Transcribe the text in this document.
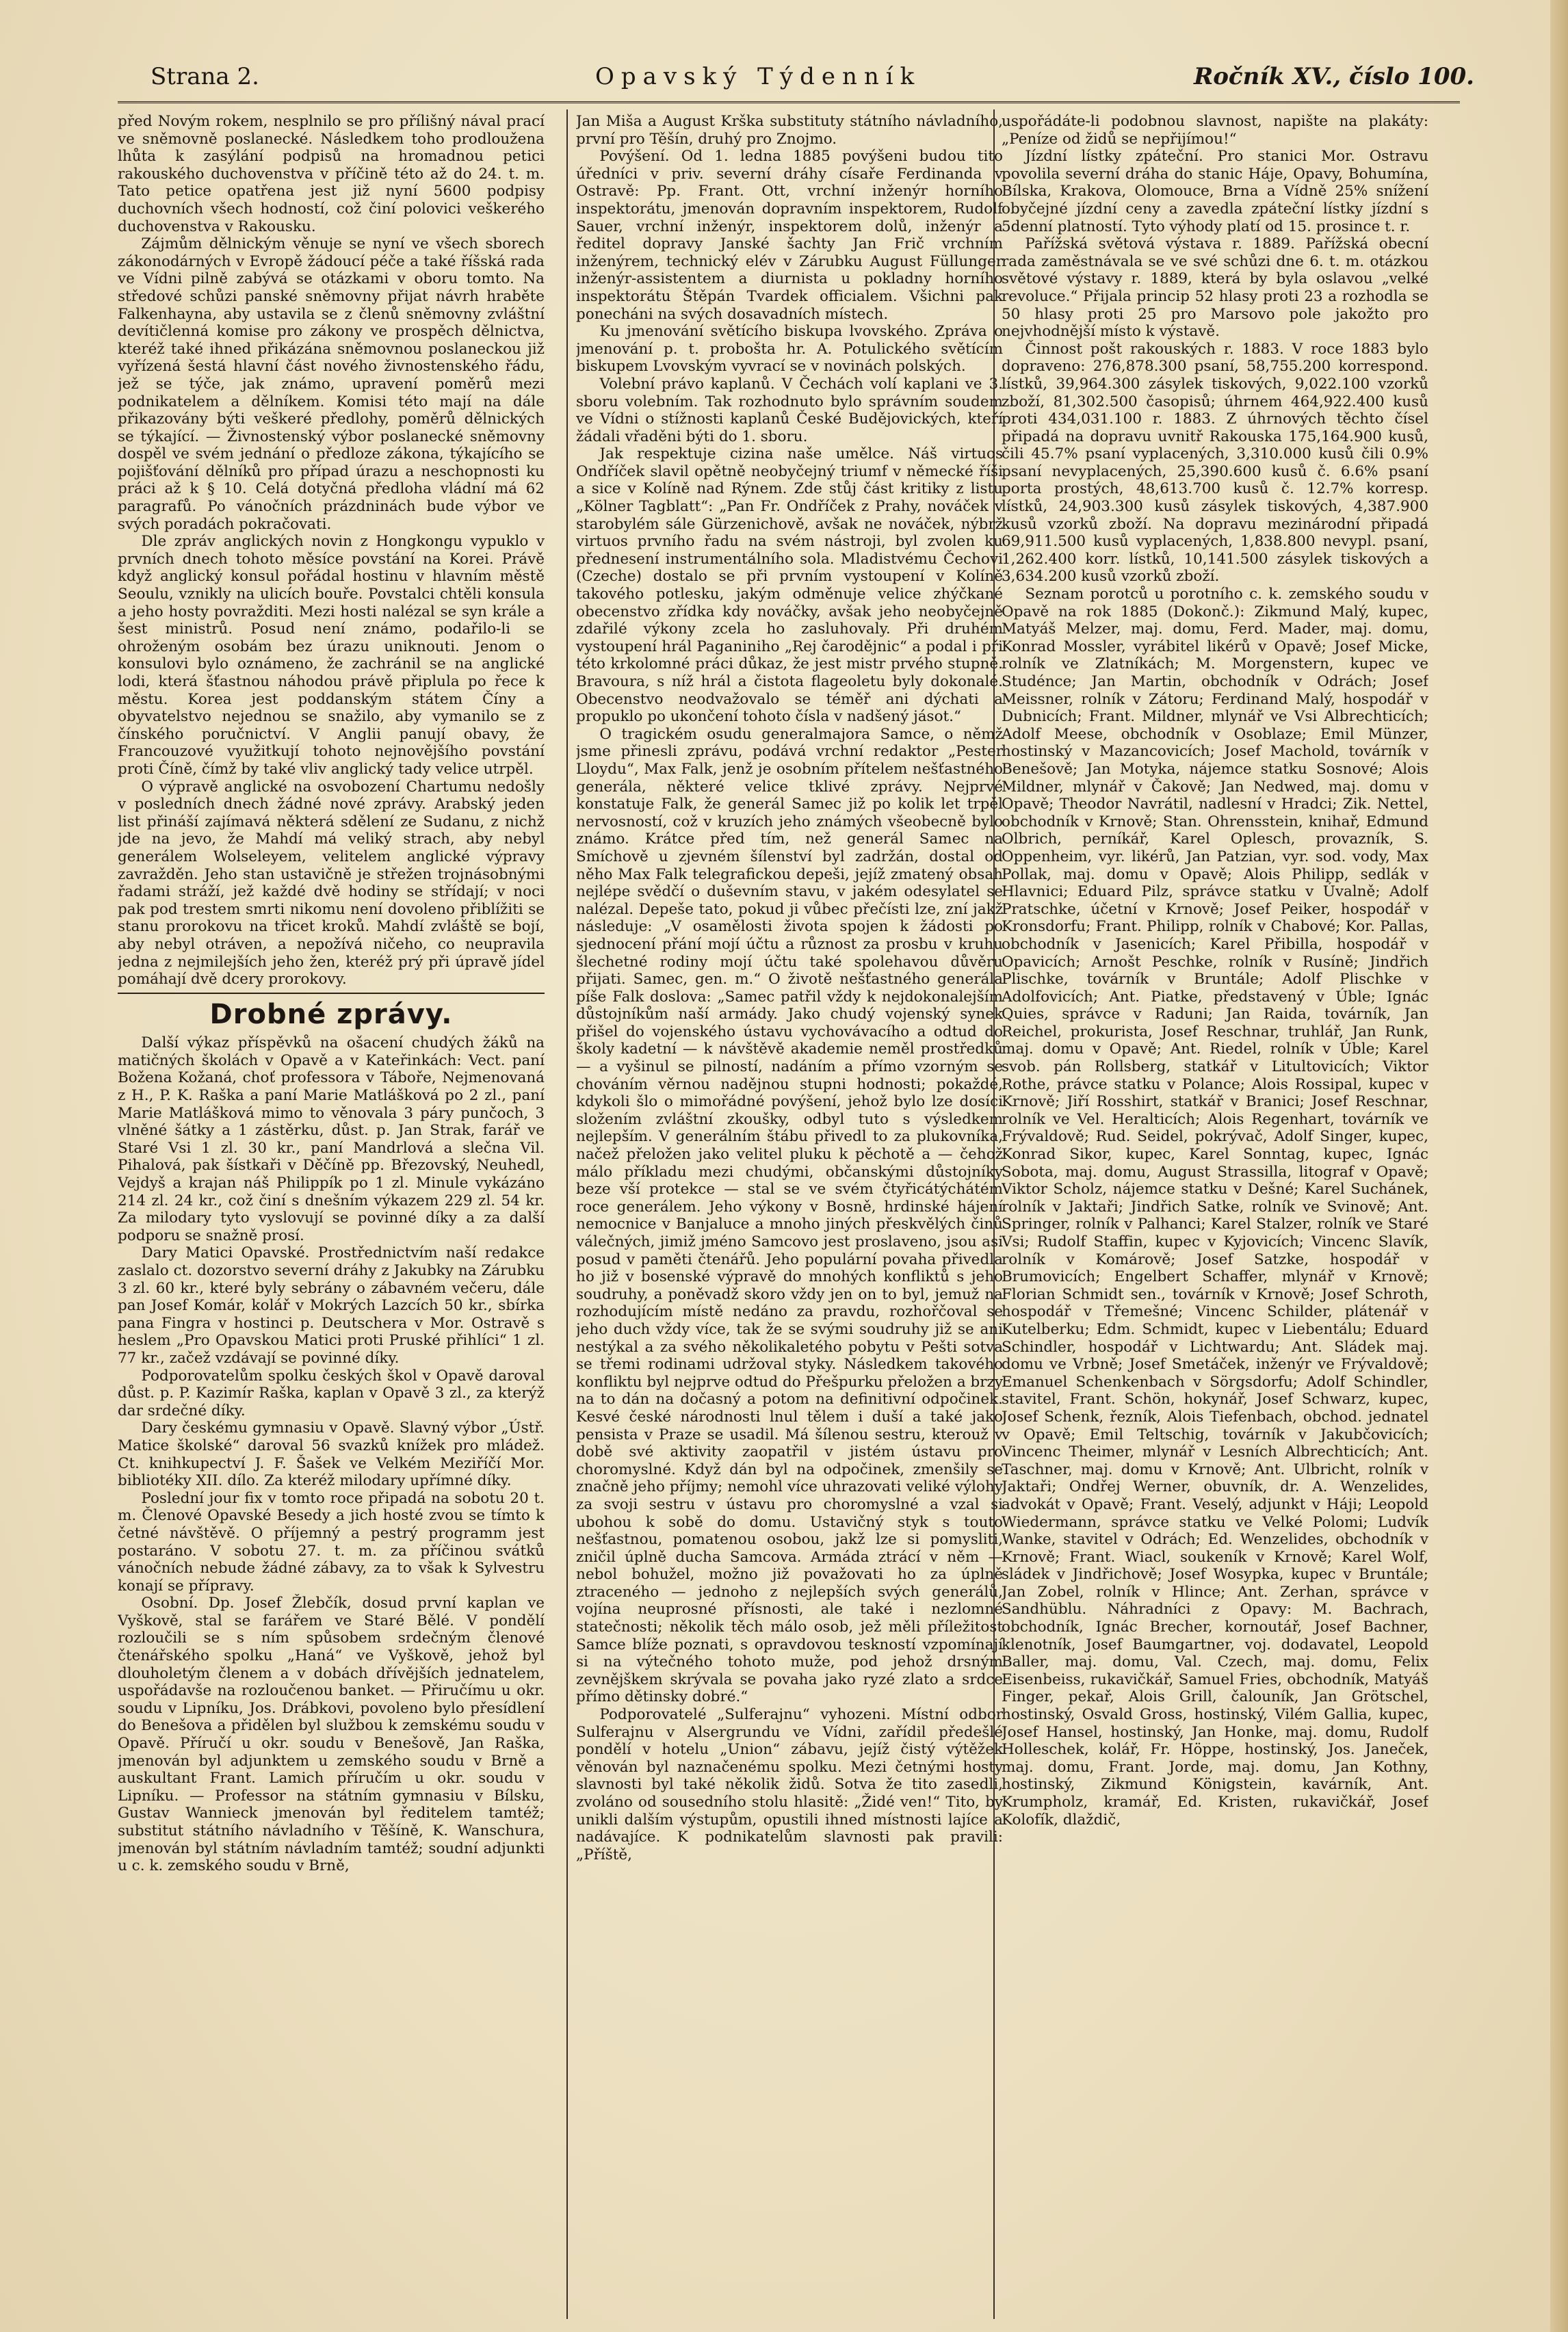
Strana 2.	Opavský Týdenník	Ročník XV., číslo 100.

před Novým rokem, nesplnilo se pro přílišný nával prací ve sněmovně poslanecké. Následkem toho prodloužena lhůta k zasýlání podpisů na hromadnou petici rakouského duchovenstva v příčině této až do 24. t. m. Tato petice opatřena jest již nyní 5600 podpisy duchovních všech hodností, což činí polovici veškerého duchovenstva v Rakousku.

Zájmům dělnickým věnuje se nyní ve všech sborech zákonodárných v Evropě žádoucí péče a také říšská rada ve Vídni pilně zabývá se otázkami v oboru tomto. Na středové schůzi panské sněmovny přijat návrh hraběte Falkenhayna, aby ustavila se z členů sněmovny zvláštní devítičlenná komise pro zákony ve prospěch dělnictva, kteréž také ihned přikázána sněmovnou poslaneckou již vyřízená šestá hlavní část nového živnostenského řádu, jež se týče, jak známo, upravení poměrů mezi podnikatelem a dělníkem. Komisi této mají na dále přikazovány býti veškeré předlohy, poměrů dělnických se týkající. — Živnostenský výbor poslanecké sněmovny dospěl ve svém jednání o předloze zákona, týkajícího se pojišťování dělníků pro případ úrazu a neschopnosti ku práci až k § 10. Celá dotyčná předloha vládní má 62 paragrafů. Po vánočních prázdninách bude výbor ve svých poradách pokračovati.

Dle zpráv anglických novin z Hongkongu vypuklo v prvních dnech tohoto měsíce povstání na Korei. Právě když anglický konsul pořádal hostinu v hlavním městě Seoulu, vznikly na ulicích bouře. Povstalci chtěli konsula a jeho hosty povražditi. Mezi hosti nalézal se syn krále a šest ministrů. Posud není známo, podařilo-li se ohroženým osobám bez úrazu uniknouti. Jenom o konsulovi bylo oznámeno, že zachránil se na anglické lodi, která šťastnou náhodou právě připlula po řece k městu. Korea jest poddanským státem Číny a obyvatelstvo nejednou se snažilo, aby vymanilo se z čínského poručnictví. V Anglii panují obavy, že Francouzové využitkují tohoto nejnovějšího povstání proti Číně, čímž by také vliv anglický tady velice utrpěl.

O výpravě anglické na osvobození Chartumu nedošly v posledních dnech žádné nové zprávy. Arabský jeden list přináší zajímavá některá sdělení ze Sudanu, z nichž jde na jevo, že Mahdí má veliký strach, aby nebyl generálem Wolseleyem, velitelem anglické výpravy zavražděn. Jeho stan ustavičně je střežen trojnásobnými řadami stráží, jež každé dvě hodiny se střídají; v noci pak pod trestem smrti nikomu není dovoleno přiblížiti se stanu prorokovu na třicet kroků. Mahdí zvláště se bojí, aby nebyl otráven, a nepožívá ničeho, co neupravila jedna z nejmilejších jeho žen, kteréž prý při úpravě jídel pomáhají dvě dcery prorokovy.

Drobné zprávy.

Další výkaz příspěvků na ošacení chudých žáků na matičných školách v Opavě a v Kateřinkách: Vect. paní Božena Kožaná, choť professora v Táboře, Nejmenovaná z H., P. K. Raška a paní Marie Matlášková po 2 zl., paní Marie Matlášková mimo to věnovala 3 páry punčoch, 3 vlněné šátky a 1 zástěrku, důst. p. Jan Strak, farář ve Staré Vsi 1 zl. 30 kr., paní Mandrlová a slečna Vil. Pihalová, pak šístkaři v Děčíně pp. Březovský, Neuhedl, Vejdyš a krajan náš Philippík po 1 zl. Minule vykázáno 214 zl. 24 kr., což činí s dnešním výkazem 229 zl. 54 kr. Za milodary tyto vyslovují se povinné díky a za další podporu se snažně prosí.

Dary Matici Opavské. Prostřednictvím naší redakce zaslalo ct. dozorstvo severní dráhy z Jakubky na Zárubku 3 zl. 60 kr., které byly sebrány o zábavném večeru, dále pan Josef Komár, kolář v Mokrých Lazcích 50 kr., sbírka pana Fingra v hostinci p. Deutschera v Mor. Ostravě s heslem „Pro Opavskou Matici proti Pruské přihlíci“ 1 zl. 77 kr., začež vzdávají se povinné díky.

Podporovatelům spolku českých škol v Opavě daroval důst. p. P. Kazimír Raška, kaplan v Opavě 3 zl., za kterýž dar srdečné díky.

Dary českému gymnasiu v Opavě. Slavný výbor „Ústř. Matice školské“ daroval 56 svazků knížek pro mládež. Ct. knihkupectví J. F. Šašek ve Velkém Meziříčí Mor. bibliotéky XII. dílo. Za kteréž milodary upřímné díky.

Poslední jour fix v tomto roce připadá na sobotu 20 t. m. Členové Opavské Besedy a jich hosté zvou se tímto k četné návštěvě. O příjemný a pestrý programm jest postaráno. V sobotu 27. t. m. za příčinou svátků vánočních nebude žádné zábavy, za to však k Sylvestru konají se přípravy.

Osobní. Dp. Josef Žlebčík, dosud první kaplan ve Vyškově, stal se farářem ve Staré Bělé. V pondělí rozloučili se s ním spůsobem srdečným členové čtenářského spolku „Haná“ ve Vyškově, jehož byl dlouholetým členem a v dobách dřívějších jednatelem, uspořádavše na rozloučenou banket. — Přiručímu u okr. soudu v Lipníku, Jos. Drábkovi, povoleno bylo přesídlení do Benešova a přidělen byl službou k zemskému soudu v Opavě. Příručí u okr. soudu v Benešově, Jan Raška, jmenován byl adjunktem u zemského soudu v Brně a auskultant Frant. Lamich příručím u okr. soudu v Lipníku. — Professor na státním gymnasiu v Bílsku, Gustav Wannieck jmenován byl ředitelem tamtéž; substitut státního návladního v Těšíně, K. Wanschura, jmenován byl státním návladním tamtéž; soudní adjunkti u c. k. zemského soudu v Brně,

Jan Miša a August Krška substituty státního návladního, první pro Těšín, druhý pro Znojmo.

Povýšení. Od 1. ledna 1885 povýšeni budou tito úředníci v priv. severní dráhy císaře Ferdinanda v Ostravě: Pp. Frant. Ott, vrchní inženýr horního inspektorátu, jmenován dopravním inspektorem, Rudolf Sauer, vrchní inženýr, inspektorem dolů, inženýr a ředitel dopravy Janské šachty Jan Frič vrchním inženýrem, technický elév v Zárubku August Füllunger inženýr-assistentem a diurnista u pokladny horního inspektorátu Štěpán Tvardek officialem. Všichni pak ponecháni na svých dosavadních místech.

Ku jmenování světícího biskupa lvovského. Zpráva o jmenování p. t. probošta hr. A. Potulického světícím biskupem Lvovským vyvrací se v novinách polských.

Volební právo kaplanů. V Čechách volí kaplani ve 3. sboru volebním. Tak rozhodnuto bylo správním soudem ve Vídni o stížnosti kaplanů České Budějovických, kteří žádali vřaděni býti do 1. sboru.

Jak respektuje cizina naše umělce. Náš virtuos Ondříček slavil opětně neobyčejný triumf v německé říši a sice v Kolíně nad Rýnem. Zde stůj část kritiky z listu „Kölner Tagblatt“: „Pan Fr. Ondříček z Prahy, nováček v starobylém sále Gürzenichově, avšak ne nováček, nýbrž virtuos prvního řadu na svém nástroji, byl zvolen ku přednesení instrumentálního sola. Mladistvému Čechovi (Czeche) dostalo se při prvním vystoupení v Kolíně takového potlesku, jakým odměnuje velice zhýčkané obecenstvo zřídka kdy nováčky, avšak jeho neobyčejně zdařilé výkony zcela ho zasluhovaly. Při druhém vystoupení hrál Paganiniho „Rej čarodějnic“ a podal i při této krkolomné práci důkaz, že jest mistr prvého stupně. Bravoura, s níž hrál a čistota flageoletu byly dokonalé. Obecenstvo neodvažovalo se téměř ani dýchati a propuklo po ukončení tohoto čísla v nadšený jásot.“

O tragickém osudu generalmajora Samce, o němž jsme přinesli zprávu, podává vrchní redaktor „Pester Lloydu“, Max Falk, jenž je osobním přítelem nešťastného generála, některé velice tklivé zprávy. Nejprvé konstatuje Falk, že generál Samec již po kolik let trpěl nervosností, což v kruzích jeho známých všeobecně bylo známo. Krátce před tím, než generál Samec na Smíchově u zjevném šílenství byl zadržán, dostal od něho Max Falk telegrafickou depeši, jejíž zmatený obsah nejlépe svědčí o duševním stavu, v jakém odesylatel se nalézal. Depeše tato, pokud ji vůbec přečísti lze, zní jakž následuje: „V osamělosti života spojen k žádosti po sjednocení přání mojí účtu a různost za prosbu v kruhu šlechetné rodiny mojí účtu také spolehavou důvěru přijati. Samec, gen. m.“ O životě nešťastného generála píše Falk doslova: „Samec patřil vždy k nejdokonalejším důstojníkům naší armády. Jako chudý vojenský synek přišel do vojenského ústavu vychovávacího a odtud do školy kadetní — k návštěvě akademie neměl prostředků — a vyšinul se pilností, nadáním a přímo vzorným se chováním věrnou nadějnou stupni hodnosti; pokaždé, kdykoli šlo o mimořádné povýšení, jehož bylo lze dosíci složením zvláštní zkoušky, odbyl tuto s výsledkem nejlepším. V generálním štábu přivedl to za plukovníka, načež přeložen jako velitel pluku k pěchotě a — čehož málo příkladu mezi chudými, občanskými důstojníky beze vší protekce — stal se ve svém čtyřicátýchátém roce generálem. Jeho výkony v Bosně, hrdinské hájení nemocnice v Banjaluce a mnoho jiných přeskvělých činů válečných, jimiž jméno Samcovo jest proslaveno, jsou asi posud v paměti čtenářů. Jeho populární povaha přivedla ho již v bosenské výpravě do mnohých konfliktů s jeho soudruhy, a poněvadž skoro vždy jen on to byl, jemuž na rozhodujícím místě nedáno za pravdu, rozhořčoval se jeho duch vždy více, tak že se svými soudruhy již se ani nestýkal a za svého několikaletého pobytu v Pešti sotva se třemi rodinami udržoval styky. Následkem takového konfliktu byl nejprve odtud do Přešpurku přeložen a brzy na to dán na dočasný a potom na definitivní odpočinek. Kesvé české národnosti lnul tělem i duší a také jako pensista v Praze se usadil. Má šílenou sestru, kterouž v době své aktivity zaopatřil v jistém ústavu pro choromyslné. Když dán byl na odpočinek, zmenšily se značně jeho příjmy; nemohl více uhrazovati veliké výlohy za svoji sestru v ústavu pro choromyslné a vzal si ubohou k sobě do domu. Ustavičný styk s touto nešťastnou, pomatenou osobou, jakž lze si pomysliti, zničil úplně ducha Samcova. Armáda ztrácí v něm — nebol bohužel, možno již považovati ho za úplně ztraceného — jednoho z nejlepších svých generálů, vojína neuprosné přísnosti, ale také i nezlomné statečnosti; několik těch málo osob, jež měli příležitost Samce blíže poznati, s opravdovou teskností vzpomínají si na výtečného tohoto muže, pod jehož drsným zevnějškem skrývala se povaha jako ryzé zlato a srdce přímo dětinsky dobré.“

Podporovatelé „Sulferajnu“ vyhozeni. Místní odbor Sulferajnu v Alsergrundu ve Vídni, zařídil předešlé pondělí v hotelu „Union“ zábavu, jejíž čistý výtěžek věnován byl naznačenému spolku. Mezi četnými hosty slavnosti byl také několik židů. Sotva že tito zasedli, zvoláno od sousedního stolu hlasitě: „Židé ven!“ Tito, by unikli dalším výstupům, opustili ihned místnosti lajíce a nadávajíce. K podnikatelům slavnosti pak pravili: „Příště,

uspořádáte-li podobnou slavnost, napište na plakáty: „Peníze od židů se nepřijímou!“

Jízdní lístky zpáteční. Pro stanici Mor. Ostravu povolila severní dráha do stanic Háje, Opavy, Bohumína, Bílska, Krakova, Olomouce, Brna a Vídně 25% snížení obyčejné jízdní ceny a zavedla zpáteční lístky jízdní s 5denní platností. Tyto výhody platí od 15. prosince t. r.

Pařížská světová výstava r. 1889. Pařížská obecní rada zaměstnávala se ve své schůzi dne 6. t. m. otázkou světové výstavy r. 1889, která by byla oslavou „velké revoluce.“ Přijala princip 52 hlasy proti 23 a rozhodla se 50 hlasy proti 25 pro Marsovo pole jakožto pro nejvhodnější místo k výstavě.

Činnost pošt rakouských r. 1883. V roce 1883 bylo dopraveno: 276,878.300 psaní, 58,755.200 korrespond. lístků, 39,964.300 zásylek tiskových, 9,022.100 vzorků zboží, 81,302.500 časopisů; úhrnem 464,922.400 kusů proti 434,031.100 r. 1883. Z úhrnových těchto čísel připadá na dopravu uvnitř Rakouska 175,164.900 kusů, čili 45.7% psaní vyplacených, 3,310.000 kusů čili 0.9% psaní nevyplacených, 25,390.600 kusů č. 6.6% psaní porta prostých, 48,613.700 kusů č. 12.7% korresp. lístků, 24,903.300 kusů zásylek tiskových, 4,387.900 kusů vzorků zboží. Na dopravu mezinárodní připadá 69,911.500 kusů vyplacených, 1,838.800 nevypl. psaní, 1,262.400 korr. lístků, 10,141.500 zásylek tiskových a 3,634.200 kusů vzorků zboží.

Seznam porotců u porotního c. k. zemského soudu v Opavě na rok 1885 (Dokonč.): Zikmund Malý, kupec, Matyáš Melzer, maj. domu, Ferd. Mader, maj. domu, Konrad Mossler, vyrábitel likérů v Opavě; Josef Micke, rolník ve Zlatníkách; M. Morgenstern, kupec ve Studénce; Jan Martin, obchodník v Odrách; Josef Meissner, rolník v Zátoru; Ferdinand Malý, hospodář v Dubnicích; Frant. Mildner, mlynář ve Vsi Albrechticích; Adolf Meese, obchodník v Osoblaze; Emil Münzer, hostinský v Mazancovicích; Josef Machold, továrník v Benešově; Jan Motyka, nájemce statku Sosnové; Alois Mildner, mlynář v Čakově; Jan Nedwed, maj. domu v Opavě; Theodor Navrátil, nadlesní v Hradci; Zik. Nettel, obchodník v Krnově; Stan. Ohrensstein, knihař, Edmund Olbrich, perníkář, Karel Oplesch, provazník, S. Oppenheim, vyr. likérů, Jan Patzian, vyr. sod. vody, Max Pollak, maj. domu v Opavě; Alois Philipp, sedlák v Hlavnici; Eduard Pilz, správce statku v Úvalně; Adolf Pratschke, účetní v Krnově; Josef Peiker, hospodář v Kronsdorfu; Frant. Philipp, rolník v Chabové; Kor. Pallas, obchodník v Jasenicích; Karel Přibilla, hospodář v Opavicích; Arnošt Peschke, rolník v Rusíně; Jindřich Plischke, továrník v Bruntále; Adolf Plischke v Adolfovicích; Ant. Piatke, představený v Úble; Ignác Quies, správce v Raduni; Jan Raida, továrník, Jan Reichel, prokurista, Josef Reschnar, truhlář, Jan Runk, maj. domu v Opavě; Ant. Riedel, rolník v Úble; Karel svob. pán Rollsberg, statkář v Litultovicích; Viktor Rothe, právce statku v Polance; Alois Rossipal, kupec v Krnově; Jiří Rosshirt, statkář v Branici; Josef Reschnar, rolník ve Vel. Heralticích; Alois Regenhart, továrník ve Frývaldově; Rud. Seidel, pokrývač, Adolf Singer, kupec, Konrad Sikor, kupec, Karel Sonntag, kupec, Ignác Sobota, maj. domu, August Strassilla, litograf v Opavě; Viktor Scholz, nájemce statku v Dešné; Karel Suchánek, rolník v Jaktaři; Jindřich Satke, rolník ve Svinově; Ant. Springer, rolník v Palhanci; Karel Stalzer, rolník ve Staré Vsi; Rudolf Staffin, kupec v Kyjovicích; Vincenc Slavík, rolník v Komárově; Josef Satzke, hospodář v Brumovicích; Engelbert Schaffer, mlynář v Krnově; Florian Schmidt sen., továrník v Krnově; Josef Schroth, hospodář v Třemešné; Vincenc Schilder, plátenář v Kutelberku; Edm. Schmidt, kupec v Liebentálu; Eduard Schindler, hospodář v Lichtwardu; Ant. Sládek maj. domu ve Vrbně; Josef Smetáček, inženýr ve Frývaldově; Emanuel Schenkenbach v Sörgsdorfu; Adolf Schindler, stavitel, Frant. Schön, hokynář, Josef Schwarz, kupec, Josef Schenk, řezník, Alois Tiefenbach, obchod. jednatel v Opavě; Emil Teltschig, továrník v Jakubčovicích; Vincenc Theimer, mlynář v Lesních Albrechticích; Ant. Taschner, maj. domu v Krnově; Ant. Ulbricht, rolník v Jaktaři; Ondřej Werner, obuvník, dr. A. Wenzelides, advokát v Opavě; Frant. Veselý, adjunkt v Háji; Leopold Wiedermann, správce statku ve Velké Polomi; Ludvík Wanke, stavitel v Odrách; Ed. Wenzelides, obchodník v Krnově; Frant. Wiacl, soukeník v Krnově; Karel Wolf, sládek v Jindřichově; Josef Wosypka, kupec v Bruntále; Jan Zobel, rolník v Hlince; Ant. Zerhan, správce v Sandhüblu. Náhradníci z Opavy: M. Bachrach, obchodník, Ignác Brecher, kornoutář, Josef Bachner, klenotník, Josef Baumgartner, voj. dodavatel, Leopold Baller, maj. domu, Val. Czech, maj. domu, Felix Eisenbeiss, rukavičkář, Samuel Fries, obchodník, Matyáš Finger, pekař, Alois Grill, čalouník, Jan Grötschel, hostinský, Osvald Gross, hostinský, Vilém Gallia, kupec, Josef Hansel, hostinský, Jan Honke, maj. domu, Rudolf Holleschek, kolář, Fr. Höppe, hostinský, Jos. Janeček, maj. domu, Frant. Jorde, maj. domu, Jan Kothny, hostinský, Zikmund Königstein, kavárník, Ant. Krumpholz, kramář, Ed. Kristen, rukavičkář, Josef Kolofík, dlaždič,
